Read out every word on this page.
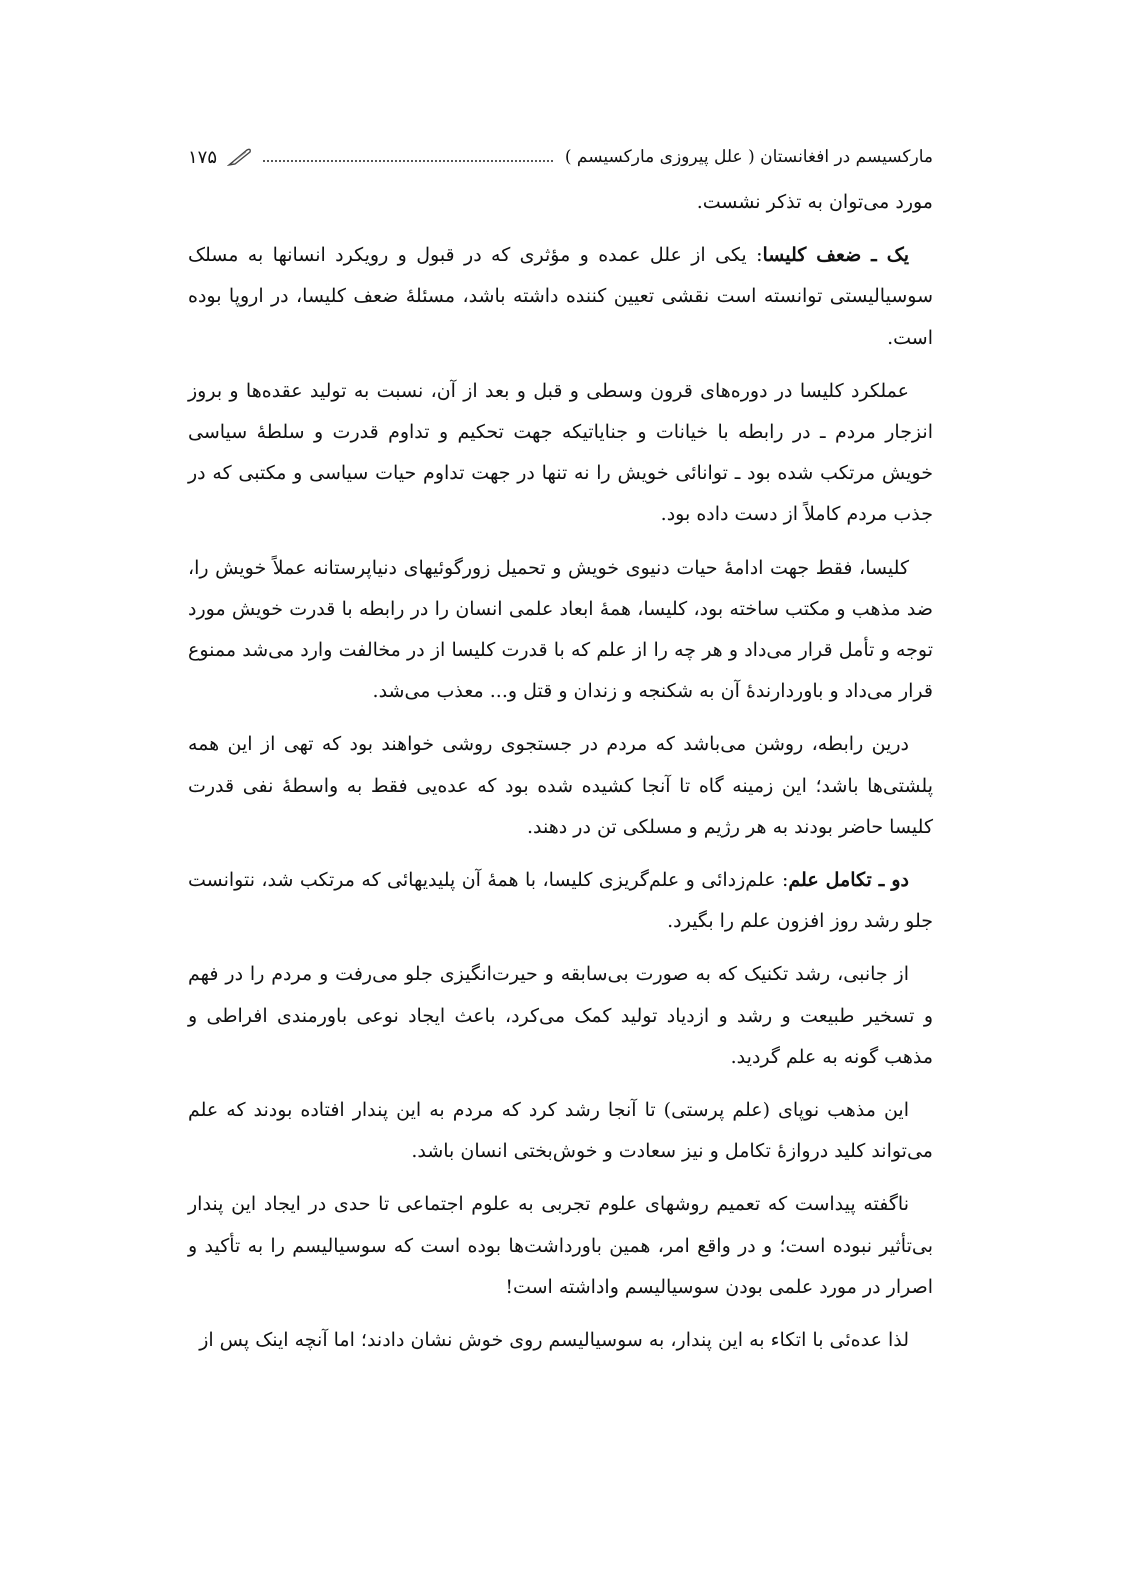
مارکسیسم در افغانستان ( علل پیروزی مارکسیسم )
۱۷۵

مورد می‌توان به تذکر نشست.

یک ـ ضعف کلیسا: یکی از علل عمده و مؤثری که در قبول و رویکرد انسانها به مسلک سوسیالیستی توانسته است نقشی تعیین کننده داشته باشد، مسئلهٔ ضعف کلیسا، در اروپا بوده است.

عملکرد کلیسا در دوره‌های قرون وسطی و قبل و بعد از آن، نسبت به تولید عقده‌ها و بروز انزجار مردم ـ در رابطه با خیانات و جنایاتیکه جهت تحکیم و تداوم قدرت و سلطهٔ سیاسی خویش مرتکب شده بود ـ توانائی خویش را نه تنها در جهت تداوم حیات سیاسی و مکتبی که در جذب مردم کاملاً از دست داده بود.

کلیسا، فقط جهت ادامهٔ حیات دنیوی خویش و تحمیل زورگوئیهای دنیاپرستانه عملاً خویش را، ضد مذهب و مکتب ساخته بود، کلیسا، همهٔ ابعاد علمی انسان را در رابطه با قدرت خویش مورد توجه و تأمل قرار می‌داد و هر چه را از علم که با قدرت کلیسا از در مخالفت وارد می‌شد ممنوع قرار می‌داد و باوردارندهٔ آن به شکنجه و زندان و قتل و... معذب می‌شد.

درین رابطه، روشن می‌باشد که مردم در جستجوی روشی خواهند بود که تهی از این همه پلشتی‌ها باشد؛ این زمینه گاه تا آنجا کشیده شده بود که عده‌یی فقط به واسطهٔ نفی قدرت کلیسا حاضر بودند به هر رژیم و مسلکی تن در دهند.

دو ـ تکامل علم: علم‌زدائی و علم‌گریزی کلیسا، با همهٔ آن پلیدیهائی که مرتکب شد، نتوانست جلو رشد روز افزون علم را بگیرد.

از جانبی، رشد تکنیک که به صورت بی‌سابقه و حیرت‌انگیزی جلو می‌رفت و مردم را در فهم و تسخیر طبیعت و رشد و ازدیاد تولید کمک می‌کرد، باعث ایجاد نوعی باورمندی افراطی و مذهب گونه به علم گردید.

این مذهب نوپای (علم پرستی) تا آنجا رشد کرد که مردم به این پندار افتاده بودند که علم می‌تواند کلید دروازهٔ تکامل و نیز سعادت و خوش‌بختی انسان باشد.

ناگفته پیداست که تعمیم روشهای علوم تجربی به علوم اجتماعی تا حدی در ایجاد این پندار بی‌تأثیر نبوده است؛ و در واقع امر، همین باورداشت‌ها بوده است که سوسیالیسم را به تأکید و اصرار در مورد علمی بودن سوسیالیسم واداشته است!

لذا عده‌ئی با اتکاء به این پندار، به سوسیالیسم روی خوش نشان دادند؛ اما آنچه اینک پس از
